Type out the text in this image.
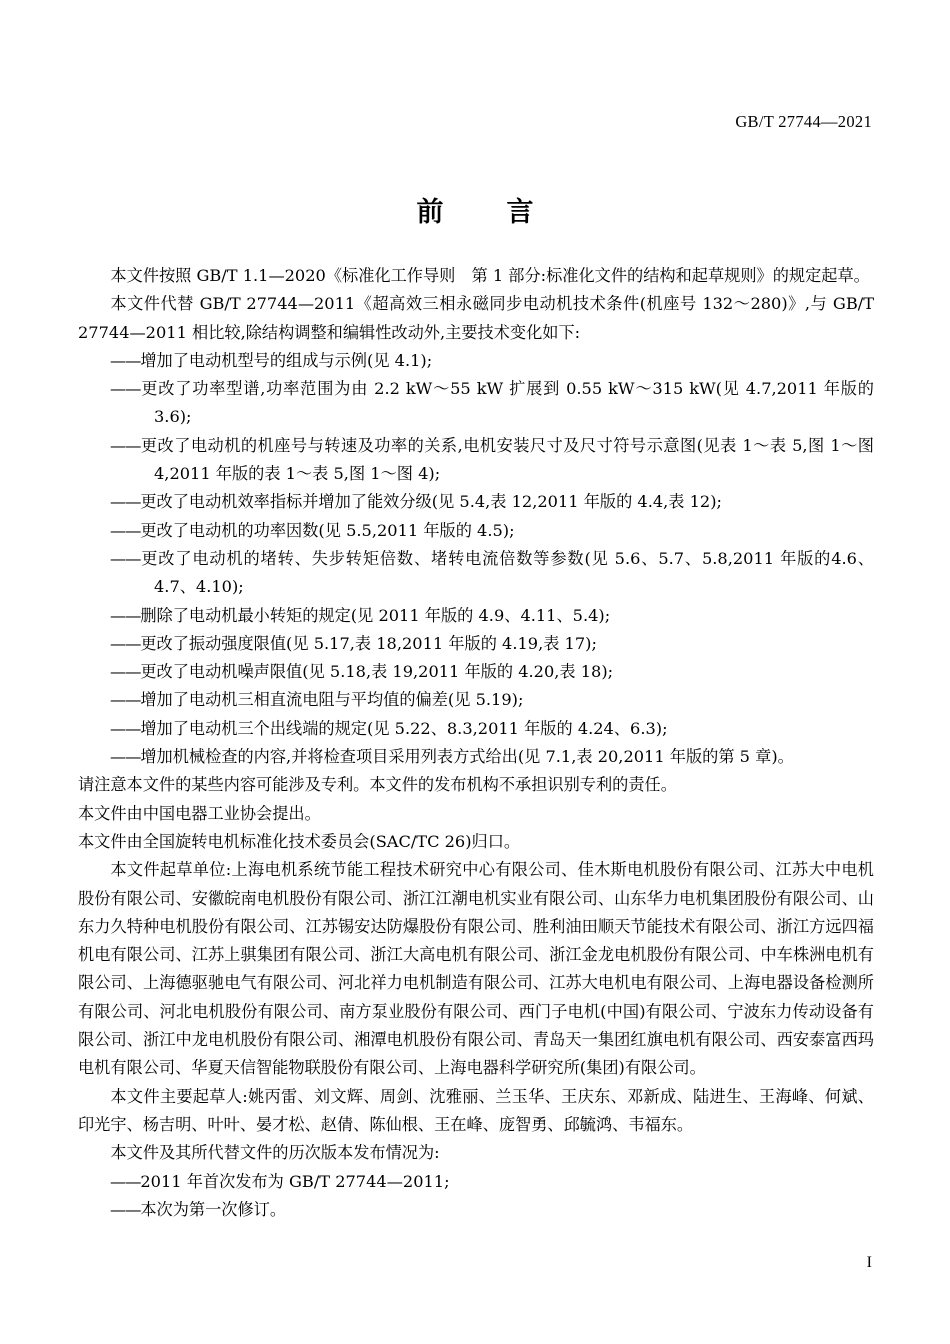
GB/T 27744—2021
前　言

本文件按照 GB/T 1.1—2020《标准化工作导则　第 1 部分:标准化文件的结构和起草规则》的规定起草。

本文件代替 GB/T 27744—2011《超高效三相永磁同步电动机技术条件(机座号 132～280)》,与 GB/T 27744—2011 相比较,除结构调整和编辑性改动外,主要技术变化如下:

——增加了电动机型号的组成与示例(见 4.1);

——更改了功率型谱,功率范围为由 2.2 kW～55 kW 扩展到 0.55 kW～315 kW(见 4.7,2011 年版的 3.6);

——更改了电动机的机座号与转速及功率的关系,电机安装尺寸及尺寸符号示意图(见表 1～表 5,图 1～图 4,2011 年版的表 1～表 5,图 1～图 4);

——更改了电动机效率指标并增加了能效分级(见 5.4,表 12,2011 年版的 4.4,表 12);

——更改了电动机的功率因数(见 5.5,2011 年版的 4.5);

——更改了电动机的堵转、失步转矩倍数、堵转电流倍数等参数(见 5.6、5.7、5.8,2011 年版的4.6、4.7、4.10);

——删除了电动机最小转矩的规定(见 2011 年版的 4.9、4.11、5.4);

——更改了振动强度限值(见 5.17,表 18,2011 年版的 4.19,表 17);

——更改了电动机噪声限值(见 5.18,表 19,2011 年版的 4.20,表 18);

——增加了电动机三相直流电阻与平均值的偏差(见 5.19);

——增加了电动机三个出线端的规定(见 5.22、8.3,2011 年版的 4.24、6.3);

——增加机械检查的内容,并将检查项目采用列表方式给出(见 7.1,表 20,2011 年版的第 5 章)。

请注意本文件的某些内容可能涉及专利。本文件的发布机构不承担识别专利的责任。

本文件由中国电器工业协会提出。

本文件由全国旋转电机标准化技术委员会(SAC/TC 26)归口。

本文件起草单位:上海电机系统节能工程技术研究中心有限公司、佳木斯电机股份有限公司、江苏大中电机股份有限公司、安徽皖南电机股份有限公司、浙江江潮电机实业有限公司、山东华力电机集团股份有限公司、山东力久特种电机股份有限公司、江苏锡安达防爆股份有限公司、胜利油田顺天节能技术有限公司、浙江方远四福机电有限公司、江苏上骐集团有限公司、浙江大高电机有限公司、浙江金龙电机股份有限公司、中车株洲电机有限公司、上海德驱驰电气有限公司、河北祥力电机制造有限公司、江苏大电机电有限公司、上海电器设备检测所有限公司、河北电机股份有限公司、南方泵业股份有限公司、西门子电机(中国)有限公司、宁波东力传动设备有限公司、浙江中龙电机股份有限公司、湘潭电机股份有限公司、青岛天一集团红旗电机有限公司、西安泰富西玛电机有限公司、华夏天信智能物联股份有限公司、上海电器科学研究所(集团)有限公司。

本文件主要起草人:姚丙雷、刘文辉、周剑、沈雅丽、兰玉华、王庆东、邓新成、陆进生、王海峰、何斌、印光宇、杨吉明、叶叶、晏才松、赵倩、陈仙根、王在峰、庞智勇、邱毓鸿、韦福东。

本文件及其所代替文件的历次版本发布情况为:

——2011 年首次发布为 GB/T 27744—2011;

——本次为第一次修订。

I
